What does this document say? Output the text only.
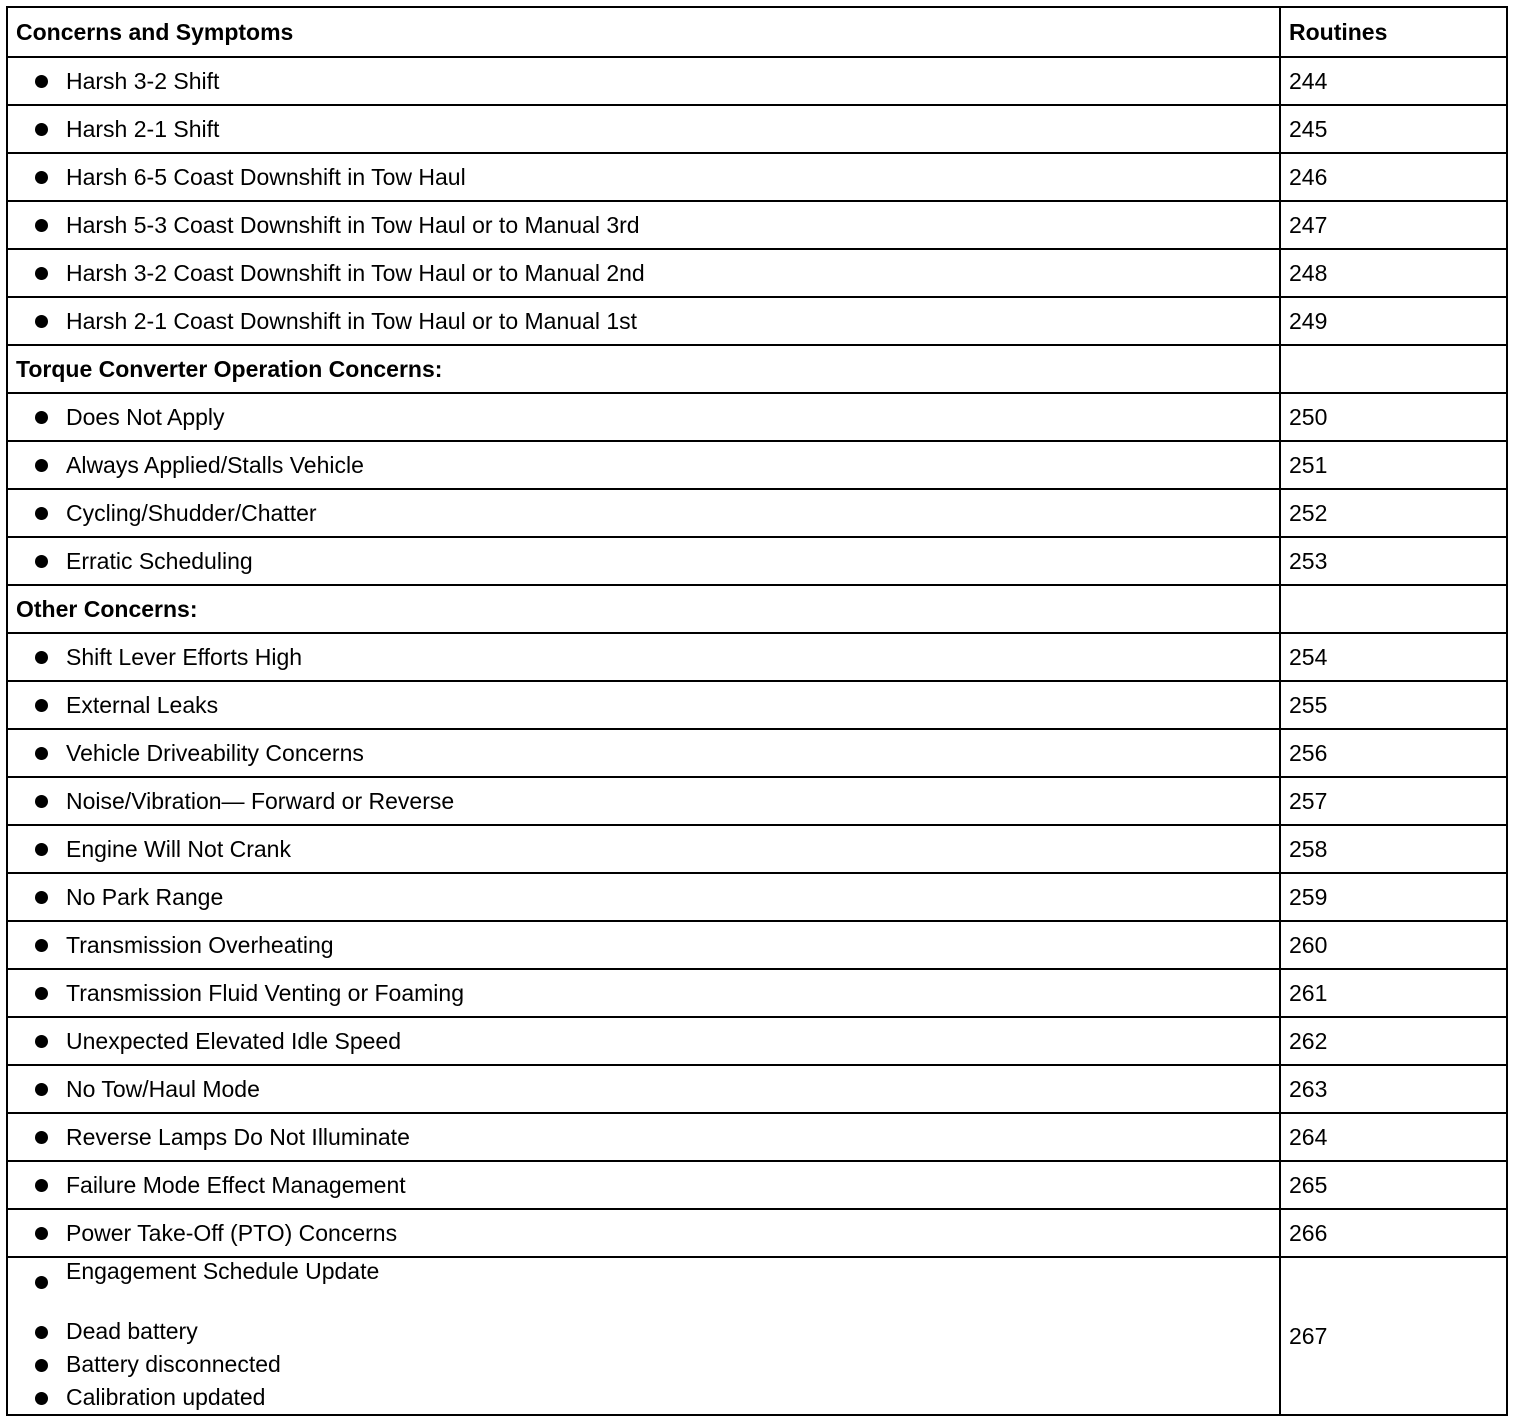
Concerns and Symptoms	Routines

Harsh 3-2 Shift	244

Harsh 2-1 Shift	245

Harsh 6-5 Coast Downshift in Tow Haul	246

Harsh 5-3 Coast Downshift in Tow Haul or to Manual 3rd	247

Harsh 3-2 Coast Downshift in Tow Haul or to Manual 2nd	248

Harsh 2-1 Coast Downshift in Tow Haul or to Manual 1st	249
Torque Converter Operation Concerns:	

Does Not Apply	250

Always Applied/Stalls Vehicle	251

Cycling/Shudder/Chatter	252

Erratic Scheduling	253
Other Concerns:	

Shift Lever Efforts High	254

External Leaks	255

Vehicle Driveability Concerns	256

Noise/Vibration— Forward or Reverse	257

Engine Will Not Crank	258

No Park Range	259

Transmission Overheating	260

Transmission Fluid Venting or Foaming	261

Unexpected Elevated Idle Speed	262

No Tow/Haul Mode	263

Reverse Lamps Do Not Illuminate	264

Failure Mode Effect Management	265

Power Take-Off (PTO) Concerns	266

Engagement Schedule Update
Dead battery
Battery disconnected
Calibration updated	267
